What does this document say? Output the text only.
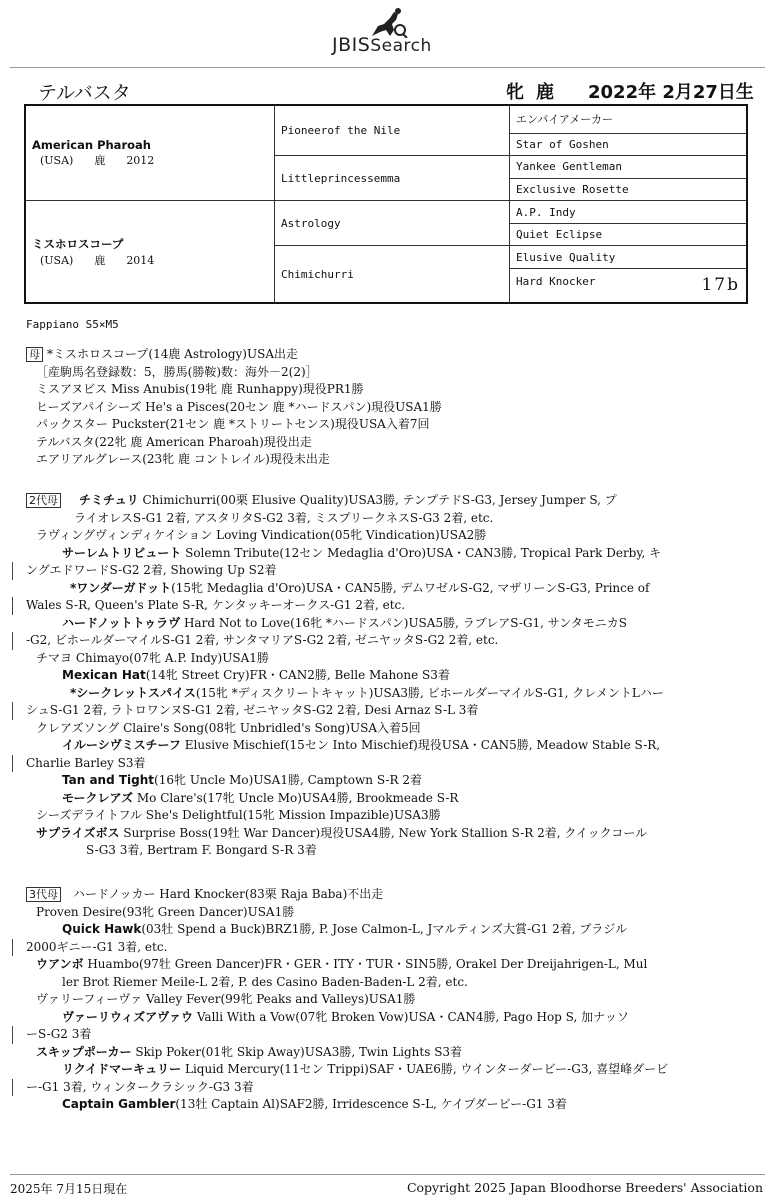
JBISSearch
テルバスタ	牝 鹿 2022年 2月27日生
American Pharoah
(USA) 鹿 2012	Pioneerof the Nile	エンパイアメーカー
		Star of Goshen
	Littleprincessemma	Yankee Gentleman
		Exclusive Rosette

ミスホロスコープ
(USA) 鹿 2014	Astrology	A.P. Indy
		Quiet Eclipse
	Chimichurri	Elusive Quality
		Hard Knocker 17b
Fappiano S5×M5
母 *ミスホロスコープ(14鹿 Astrology)USA出走
［産駒馬名登録数：5，勝馬(勝鞍)数：海外－2(2)］
ミスアヌビス Miss Anubis(19牝 鹿 Runhappy)現役PR1勝
ヒーズアパイシーズ He's a Pisces(20セン 鹿 *ハードスパン)現役USA1勝
パックスター Puckster(21セン 鹿 *ストリートセンス)現役USA入着7回
テルバスタ(22牝 鹿 American Pharoah)現役出走
エアリアルグレース(23牝 鹿 コントレイル)現役未出走
2代母 チミチュリ Chimichurri(00栗 Elusive Quality)USA3勝, テンプテドS-G3, Jersey Jumper S, プ
ライオレスS-G1 2着, アスタリタS-G2 3着, ミスプリークネスS-G3 2着, etc.
ラヴィングヴィンディケイション Loving Vindication(05牝 Vindication)USA2勝
サーレムトリビュート Solemn Tribute(12セン Medaglia d'Oro)USA・CAN3勝, Tropical Park Derby, キ
ングエドワードS-G2 2着, Showing Up S2着
*ワンダーガドット(15牝 Medaglia d'Oro)USA・CAN5勝, デムワゼルS-G2, マザリーンS-G3, Prince of
Wales S-R, Queen's Plate S-R, ケンタッキーオークス-G1 2着, etc.
ハードノットトゥラヴ Hard Not to Love(16牝 *ハードスパン)USA5勝, ラブレアS-G1, サンタモニカS
-G2, ビホールダーマイルS-G1 2着, サンタマリアS-G2 2着, ゼニヤッタS-G2 2着, etc.
チマヨ Chimayo(07牝 A.P. Indy)USA1勝
Mexican Hat(14牝 Street Cry)FR・CAN2勝, Belle Mahone S3着
*シークレットスパイス(15牝 *ディスクリートキャット)USA3勝, ビホールダーマイルS-G1, クレメントLハー
シュS-G1 2着, ラトロワンヌS-G1 2着, ゼニヤッタS-G2 2着, Desi Arnaz S-L 3着
クレアズソング Claire's Song(08牝 Unbridled's Song)USA入着5回
イルーシヴミスチーフ Elusive Mischief(15セン Into Mischief)現役USA・CAN5勝, Meadow Stable S-R,
Charlie Barley S3着
Tan and Tight(16牝 Uncle Mo)USA1勝, Camptown S-R 2着
モークレアズ Mo Clare's(17牝 Uncle Mo)USA4勝, Brookmeade S-R
シーズデライトフル She's Delightful(15牝 Mission Impazible)USA3勝
サプライズボス Surprise Boss(19牡 War Dancer)現役USA4勝, New York Stallion S-R 2着, クイックコール
S-G3 3着, Bertram F. Bongard S-R 3着
3代母 ハードノッカー Hard Knocker(83栗 Raja Baba)不出走
Proven Desire(93牝 Green Dancer)USA1勝
Quick Hawk(03牡 Spend a Buck)BRZ1勝, P. Jose Calmon-L, Jマルティンズ大賞-G1 2着, ブラジル
2000ギニー-G1 3着, etc.
ウアンボ Huambo(97牡 Green Dancer)FR・GER・ITY・TUR・SIN5勝, Orakel Der Dreijahrigen-L, Mul
ler Brot Riemer Meile-L 2着, P. des Casino Baden-Baden-L 2着, etc.
ヴァリーフィーヴァ Valley Fever(99牝 Peaks and Valleys)USA1勝
ヴァーリウィズアヴァウ Valli With a Vow(07牝 Broken Vow)USA・CAN4勝, Pago Hop S, 加ナッソ
ーS-G2 3着
スキップポーカー Skip Poker(01牝 Skip Away)USA3勝, Twin Lights S3着
リクイドマーキュリー Liquid Mercury(11セン Trippi)SAF・UAE6勝, ウインターダービー-G3, 喜望峰ダービ
ー-G1 3着, ウィンタークラシック-G3 3着
Captain Gambler(13牡 Captain Al)SAF2勝, Irridescence S-L, ケイプダービー-G1 3着
2025年 7月15日現在	Copyright 2025 Japan Bloodhorse Breeders' Association
